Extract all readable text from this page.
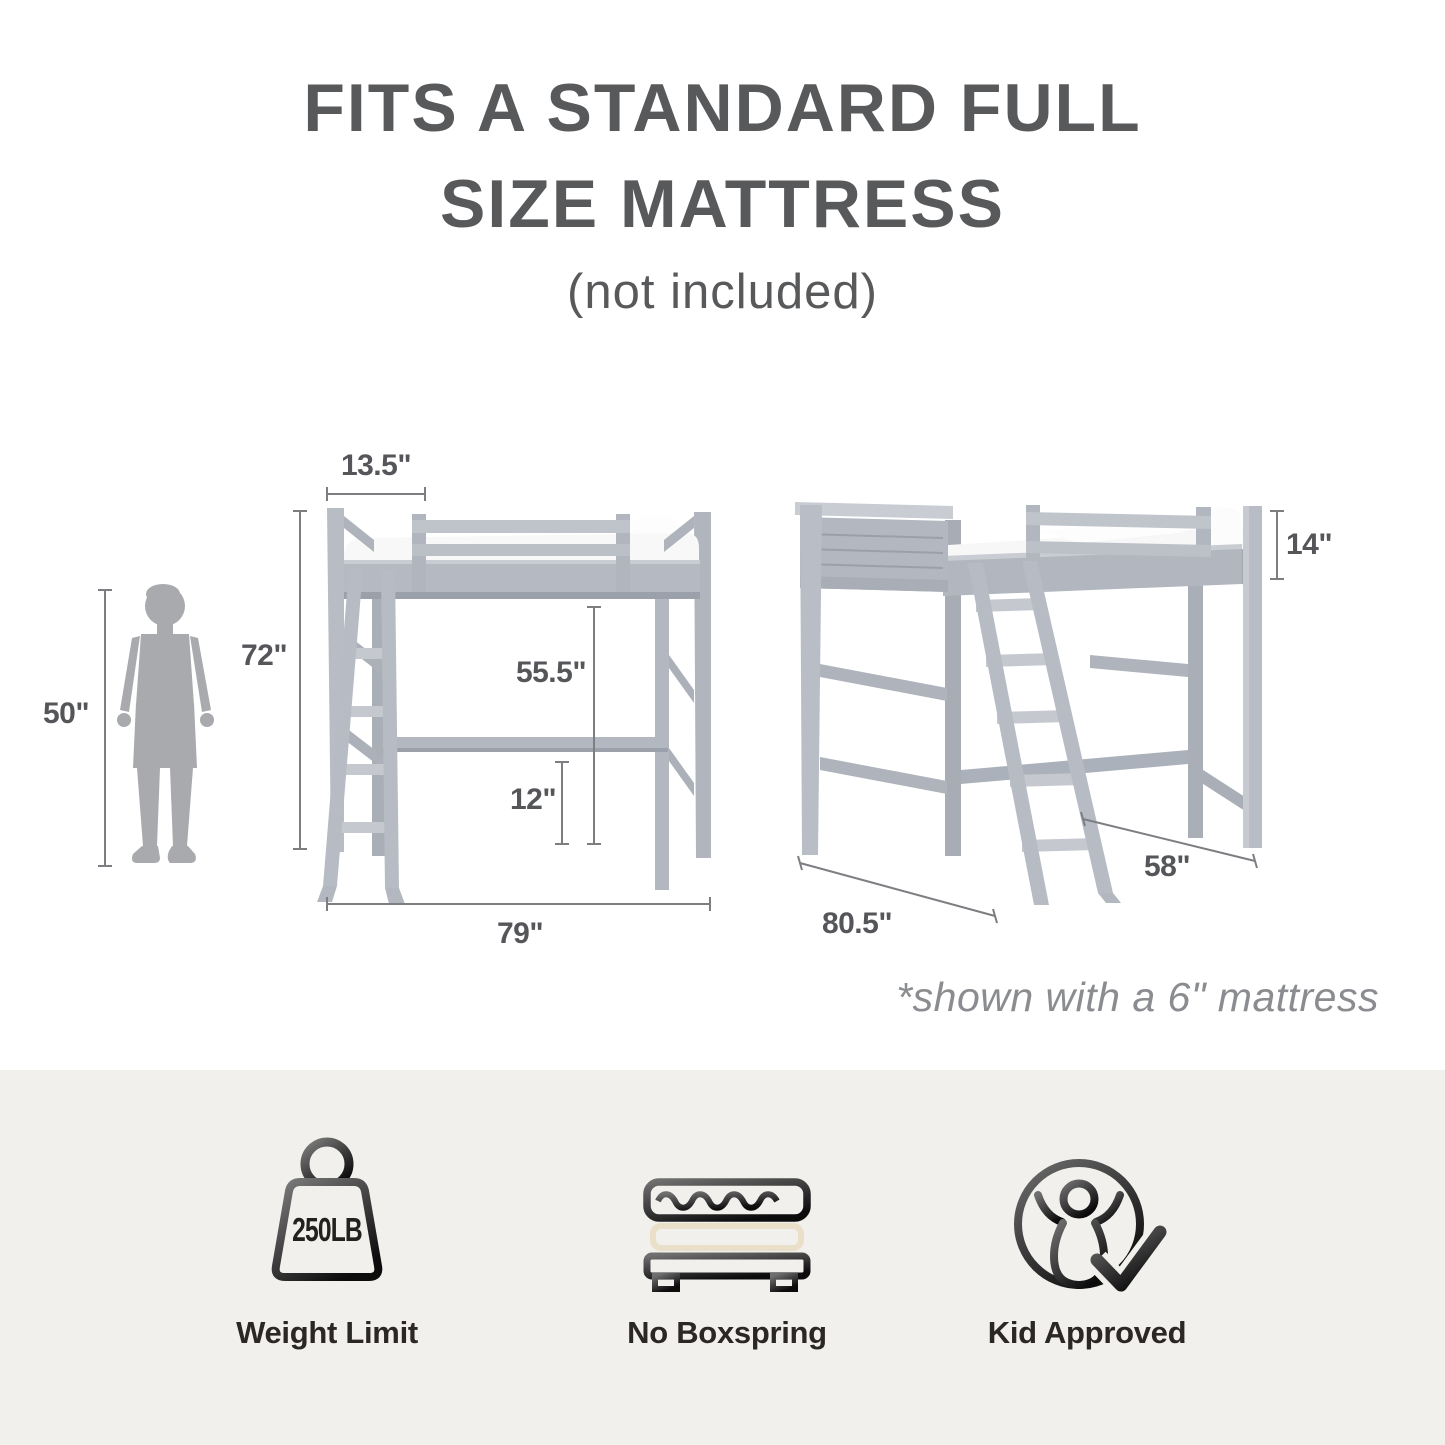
FITS A STANDARD FULL
SIZE MATTRESS
(not included)
13.5"
72"
50"
55.5"
12"
79"
14"
58"
80.5"
*shown with a 6" mattress
250LB
Weight Limit	No Boxspring	Kid Approved
